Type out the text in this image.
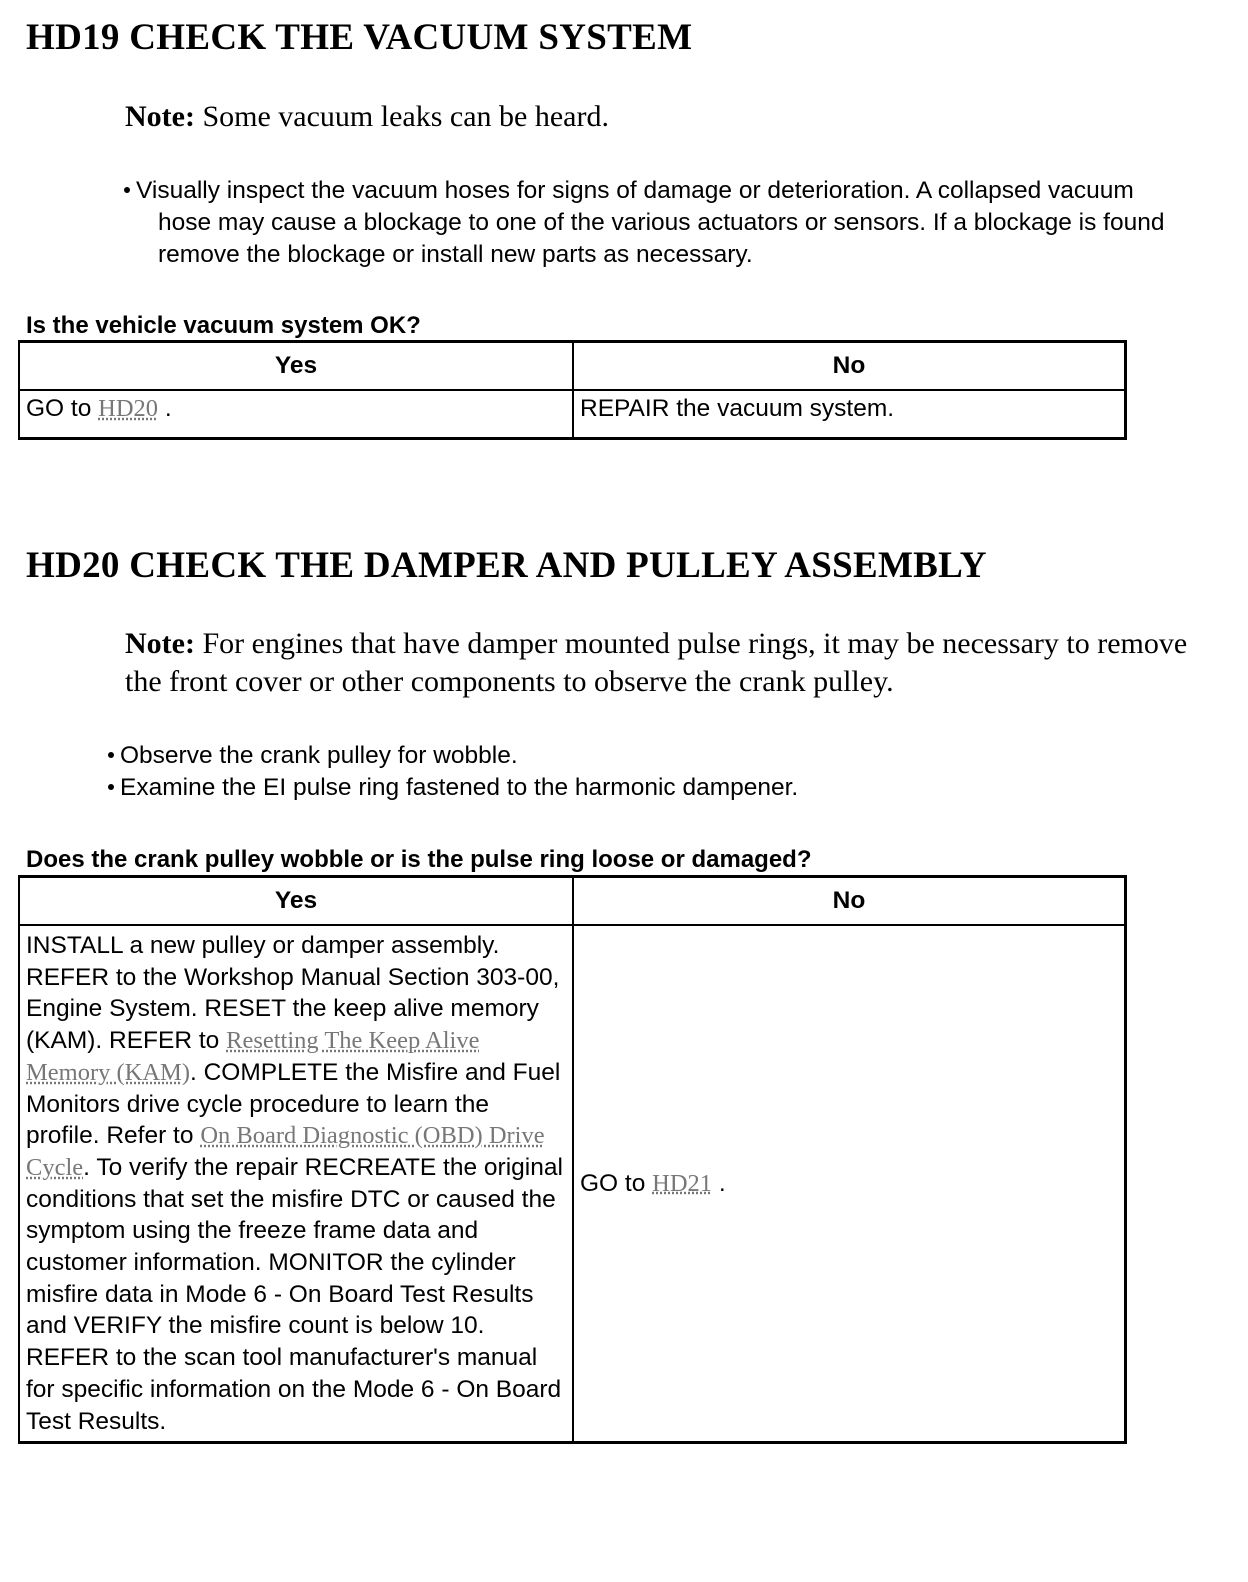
HD19 CHECK THE VACUUM SYSTEM
Note: Some vacuum leaks can be heard.
Visually inspect the vacuum hoses for signs of damage or deterioration. A collapsed vacuum hose may cause a blockage to one of the various actuators or sensors. If a blockage is found remove the blockage or install new parts as necessary.
Is the vehicle vacuum system OK?
Yes	No
GO to HD20 .	REPAIR the vacuum system.
HD20 CHECK THE DAMPER AND PULLEY ASSEMBLY
Note: For engines that have damper mounted pulse rings, it may be necessary to remove the front cover or other components to observe the crank pulley.
Observe the crank pulley for wobble.
Examine the EI pulse ring fastened to the harmonic dampener.
Does the crank pulley wobble or is the pulse ring loose or damaged?
Yes	No
INSTALL a new pulley or damper assembly. REFER to the Workshop Manual Section 303-00, Engine System. RESET the keep alive memory (KAM). REFER to Resetting The Keep Alive Memory (KAM). COMPLETE the Misfire and Fuel Monitors drive cycle procedure to learn the profile. Refer to On Board Diagnostic (OBD) Drive Cycle. To verify the repair RECREATE the original conditions that set the misfire DTC or caused the symptom using the freeze frame data and customer information. MONITOR the cylinder misfire data in Mode 6 - On Board Test Results and VERIFY the misfire count is below 10. REFER to the scan tool manufacturer's manual for specific information on the Mode 6 - On Board Test Results.	GO to HD21 .
